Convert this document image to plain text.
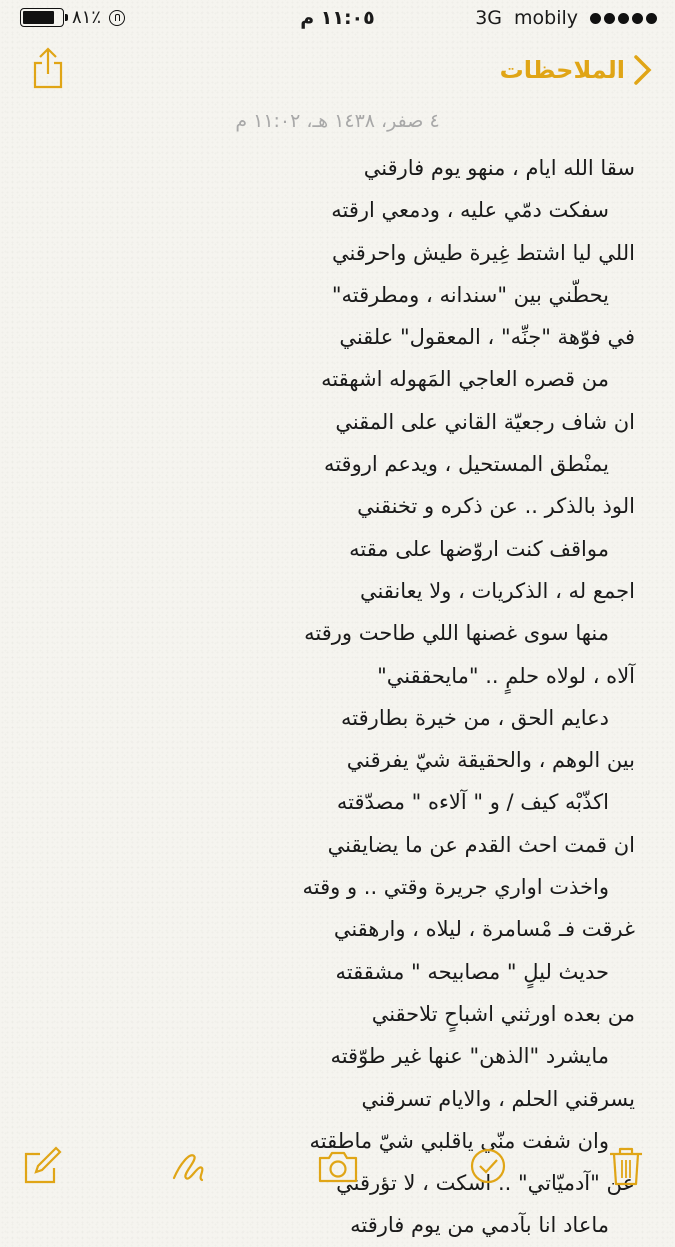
٨١٪	١١:٠٥ م	3G mobily
الملاحظات
٤ صفر، ١٤٣٨ هـ، ١١:٠٢ م
سقا الله ايام ، منهو يوم فارقني
سفكت دمّي عليه ، ودمعي ارقته
اللي ليا اشتط غِيرة طيش واحرقني
يحطّني بين "سندانه ، ومطرقته"
في فوّهة "جنِّه" ، المعقول" علقني
من قصره العاجي المَهوله اشهقته
ان شاف رجعيّة القاني على المقني
يمنْطق المستحيل ، ويدعم اروقته
الوذ بالذكر .. عن ذكره و تخنقني
مواقف كنت اروّضها على مقته
اجمع له ، الذكريات ، ولا يعانقني
منها سوى غصنها اللي طاحت ورقته
آلاه ، لولاه حلمٍ .. "مايحققني"
دعايم الحق ، من خيرة بطارقته
بين الوهم ، والحقيقة شيّ يفرقني
اكذّبْه كيف / و " آلاءه " مصدّقته
ان قمت احث القدم عن ما يضايقني
واخذت اواري جريرة وقتي .. و وقته
غرقت فـ مْسامرة ، ليلاه ، وارهقني
حديث ليلٍ " مصابيحه " مشققته
من بعده اورثني اشباحٍ تلاحقني
مايشرد "الذهن" عنها غير طوّقته
يسرقني الحلم ، والايام تسرقني
وان شفت منّي ياقلبي شيّ ماطقته
عن "آدميّاتي" .. اسكت ، لا تؤرقني
ماعاد انا بآدمي من يوم فارقته
